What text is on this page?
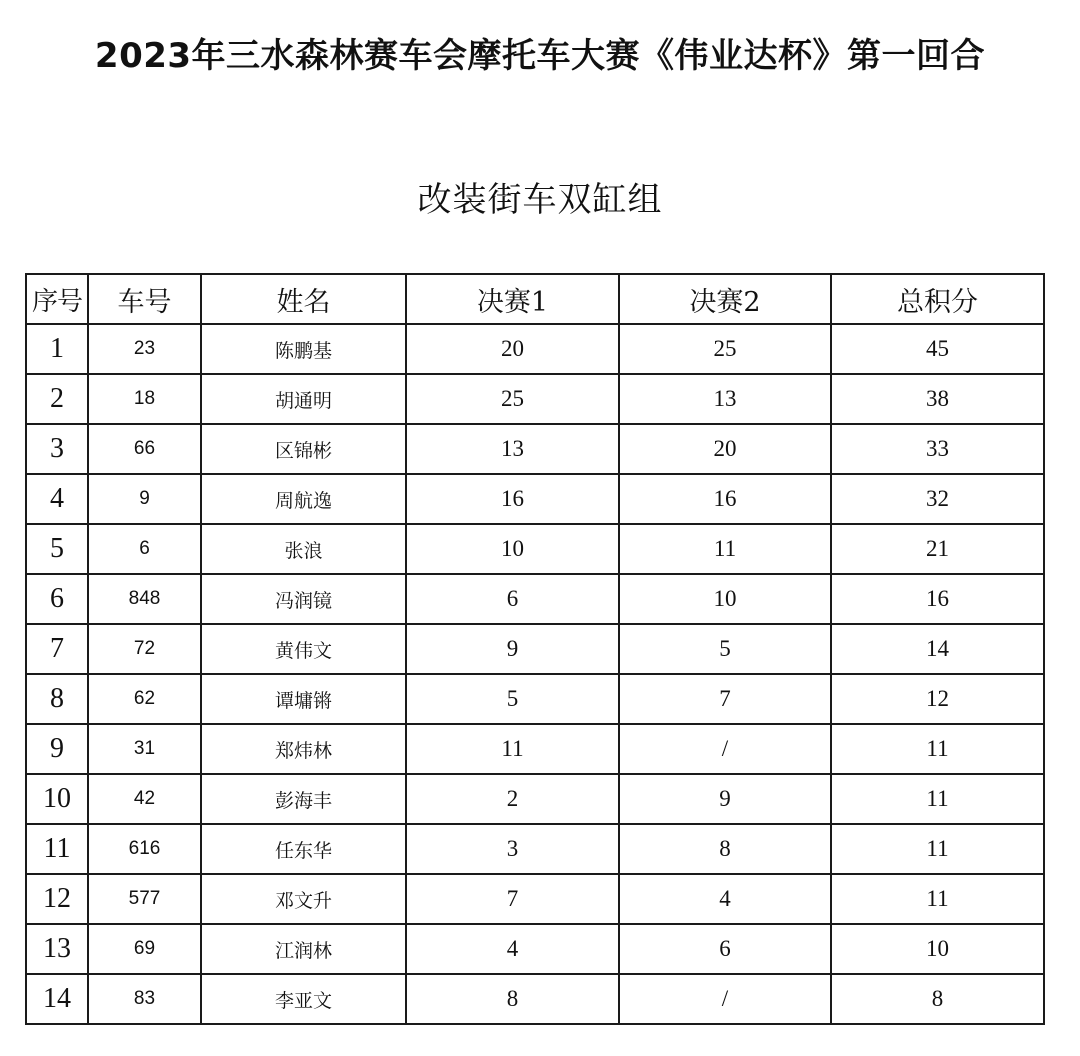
2023年三水森林赛车会摩托车大赛《伟业达杯》第一回合
改装街车双缸组
序号	车号	姓名	决赛1	决赛2	总积分
1	23	陈鹏基	20	25	45
2	18	胡通明	25	13	38
3	66	区锦彬	13	20	33
4	9	周航逸	16	16	32
5	6	张浪	10	11	21
6	848	冯润镜	6	10	16
7	72	黄伟文	9	5	14
8	62	谭墉锵	5	7	12
9	31	郑炜林	11	/	11
10	42	彭海丰	2	9	11
11	616	任东华	3	8	11
12	577	邓文升	7	4	11
13	69	江润林	4	6	10
14	83	李亚文	8	/	8
